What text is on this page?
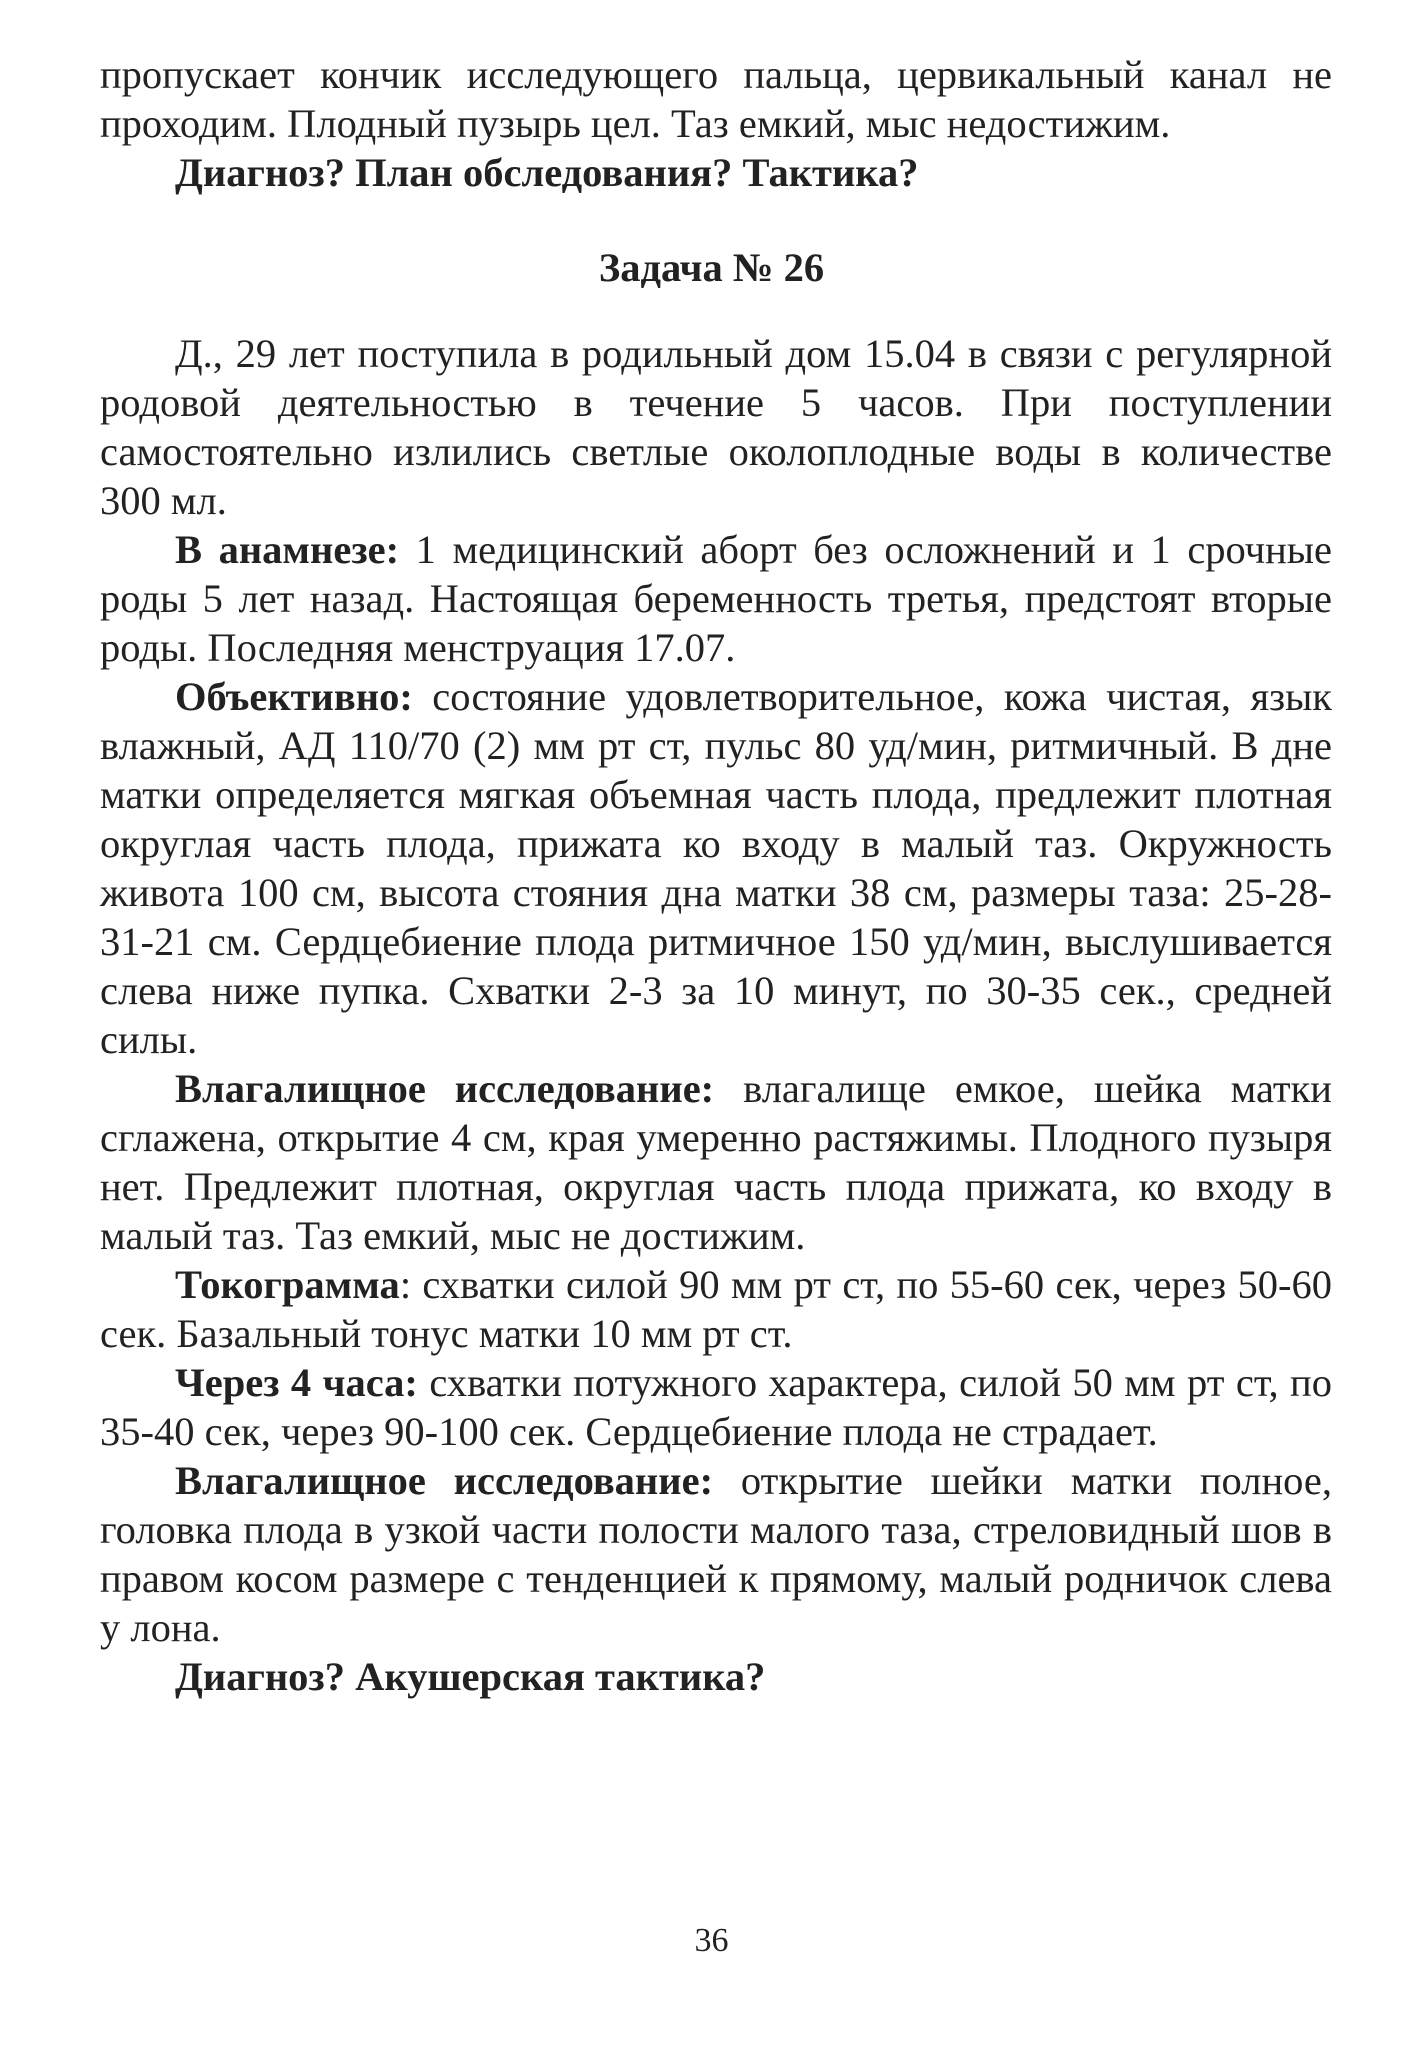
пропускает кончик исследующего пальца, цервикальный канал не проходим. Плодный пузырь цел. Таз емкий, мыс недостижим.

Диагноз? План обследования? Тактика?

Задача № 26

Д., 29 лет поступила в родильный дом 15.04 в связи с регулярной родовой деятельностью в течение 5 часов. При поступлении самостоятельно излились светлые околоплодные воды в количестве 300 мл.

В анамнезе: 1 медицинский аборт без осложнений и 1 срочные роды 5 лет назад. Настоящая беременность третья, предстоят вторые роды. Последняя менструация 17.07.

Объективно: состояние удовлетворительное, кожа чистая, язык влажный, АД 110/70 (2) мм рт ст, пульс 80 уд/мин, ритмичный. В дне матки определяется мягкая объемная часть плода, предлежит плотная округлая часть плода, прижата ко входу в малый таз. Окружность живота 100 см, высота стояния дна матки 38 см, размеры таза: 25-28-31-21 см. Сердцебиение плода ритмичное 150 уд/мин, выслушивается слева ниже пупка. Схватки 2-3 за 10 минут, по 30-35 сек., средней силы.

Влагалищное исследование: влагалище емкое, шейка матки сглажена, открытие 4 см, края умеренно растяжимы. Плодного пузыря нет. Предлежит плотная, округлая часть плода прижата, ко входу в малый таз. Таз емкий, мыс не достижим.

Токограмма: схватки силой 90 мм рт ст, по 55-60 сек, через 50-60 сек. Базальный тонус матки 10 мм рт ст.

Через 4 часа: схватки потужного характера, силой 50 мм рт ст, по 35-40 сек, через 90-100 сек. Сердцебиение плода не страдает.

Влагалищное исследование: открытие шейки матки полное, головка плода в узкой части полости малого таза, стреловидный шов в правом косом размере с тенденцией к прямому, малый родничок слева у лона.

Диагноз? Акушерская тактика?

36
